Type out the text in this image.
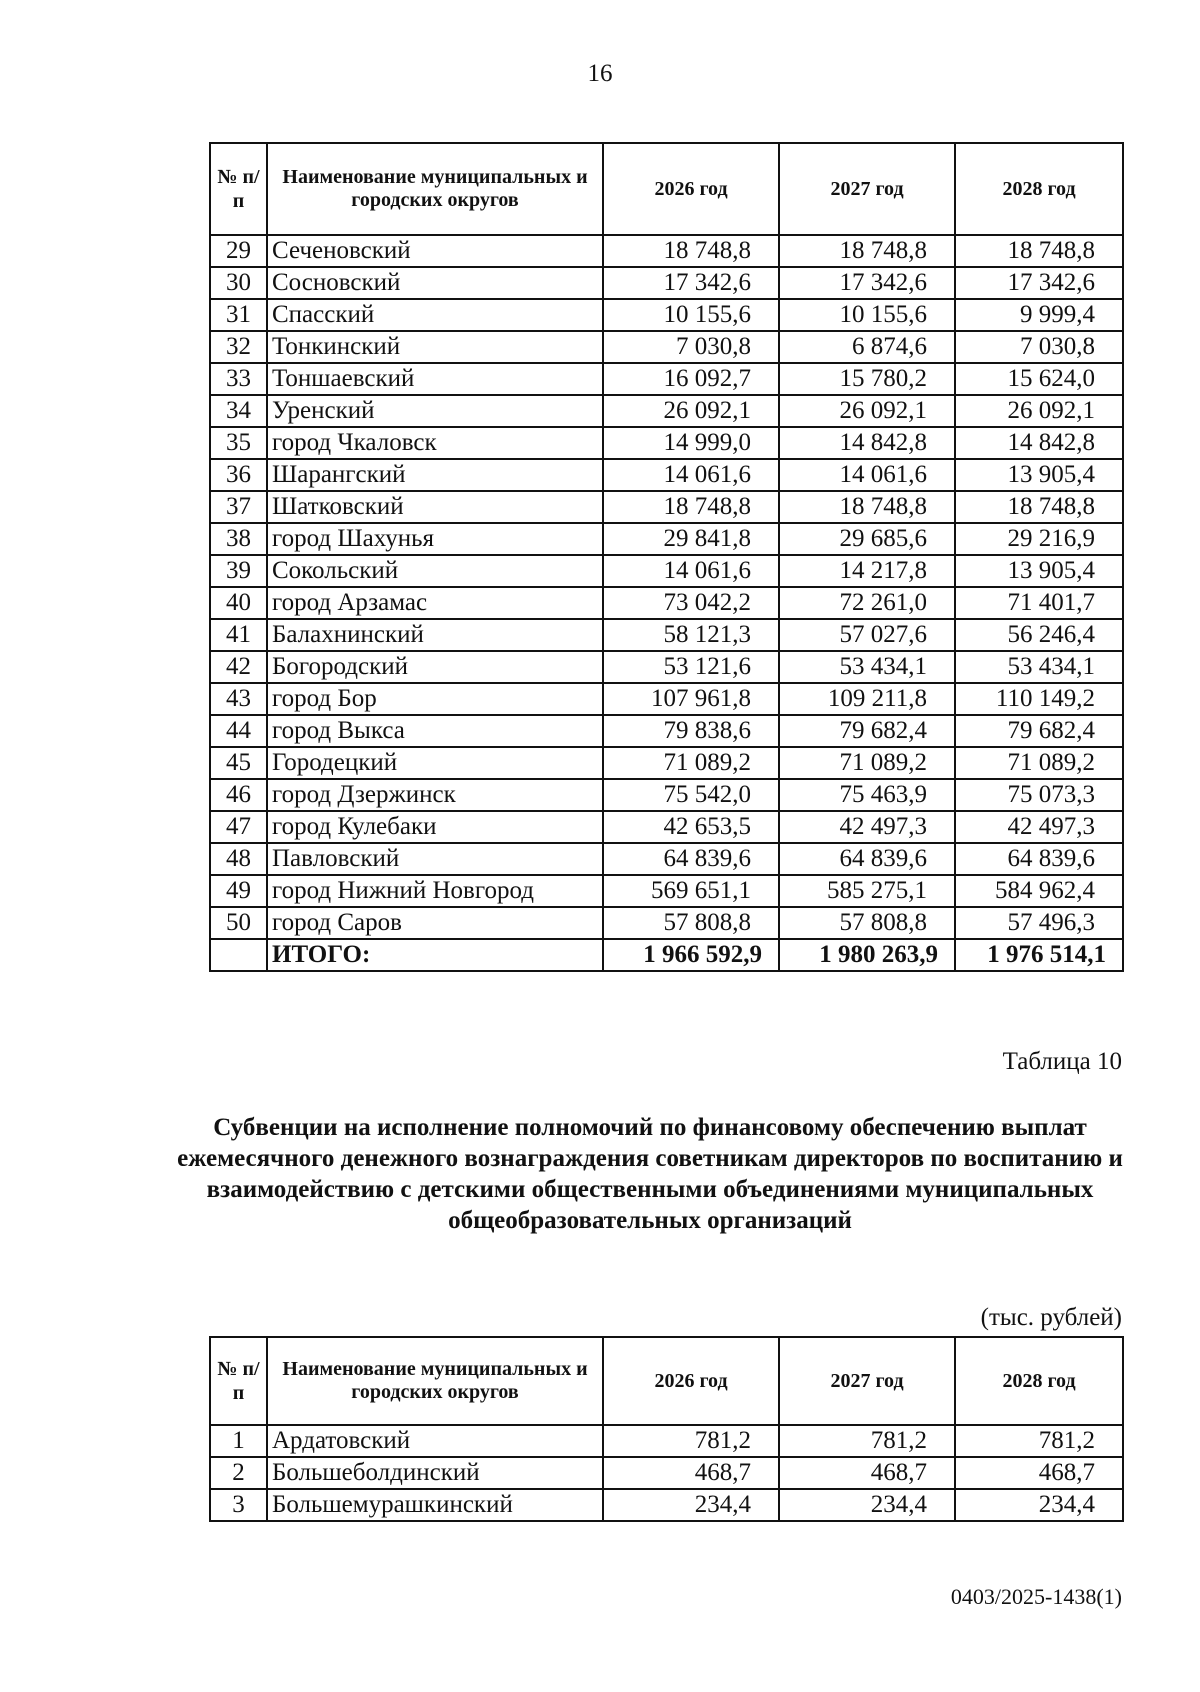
16
№ п/п	Наименование муниципальных и городских округов	2026 год	2027 год	2028 год
29	Сеченовский	18 748,8	18 748,8	18 748,8
30	Сосновский	17 342,6	17 342,6	17 342,6
31	Спасский	10 155,6	10 155,6	9 999,4
32	Тонкинский	7 030,8	6 874,6	7 030,8
33	Тоншаевский	16 092,7	15 780,2	15 624,0
34	Уренский	26 092,1	26 092,1	26 092,1
35	город Чкаловск	14 999,0	14 842,8	14 842,8
36	Шарангский	14 061,6	14 061,6	13 905,4
37	Шатковский	18 748,8	18 748,8	18 748,8
38	город Шахунья	29 841,8	29 685,6	29 216,9
39	Сокольский	14 061,6	14 217,8	13 905,4
40	город Арзамас	73 042,2	72 261,0	71 401,7
41	Балахнинский	58 121,3	57 027,6	56 246,4
42	Богородский	53 121,6	53 434,1	53 434,1
43	город Бор	107 961,8	109 211,8	110 149,2
44	город Выкса	79 838,6	79 682,4	79 682,4
45	Городецкий	71 089,2	71 089,2	71 089,2
46	город Дзержинск	75 542,0	75 463,9	75 073,3
47	город Кулебаки	42 653,5	42 497,3	42 497,3
48	Павловский	64 839,6	64 839,6	64 839,6
49	город Нижний Новгород	569 651,1	585 275,1	584 962,4
50	город Саров	57 808,8	57 808,8	57 496,3
	ИТОГО:	1 966 592,9	1 980 263,9	1 976 514,1
Таблица 10
Субвенции на исполнение полномочий по финансовому обеспечению выплат ежемесячного денежного вознаграждения советникам директоров по воспитанию и взаимодействию с детскими общественными объединениями муниципальных общеобразовательных организаций
(тыс. рублей)
№ п/п	Наименование муниципальных и городских округов	2026 год	2027 год	2028 год
1	Ардатовский	781,2	781,2	781,2
2	Большеболдинский	468,7	468,7	468,7
3	Большемурашкинский	234,4	234,4	234,4
0403/2025-1438(1)
